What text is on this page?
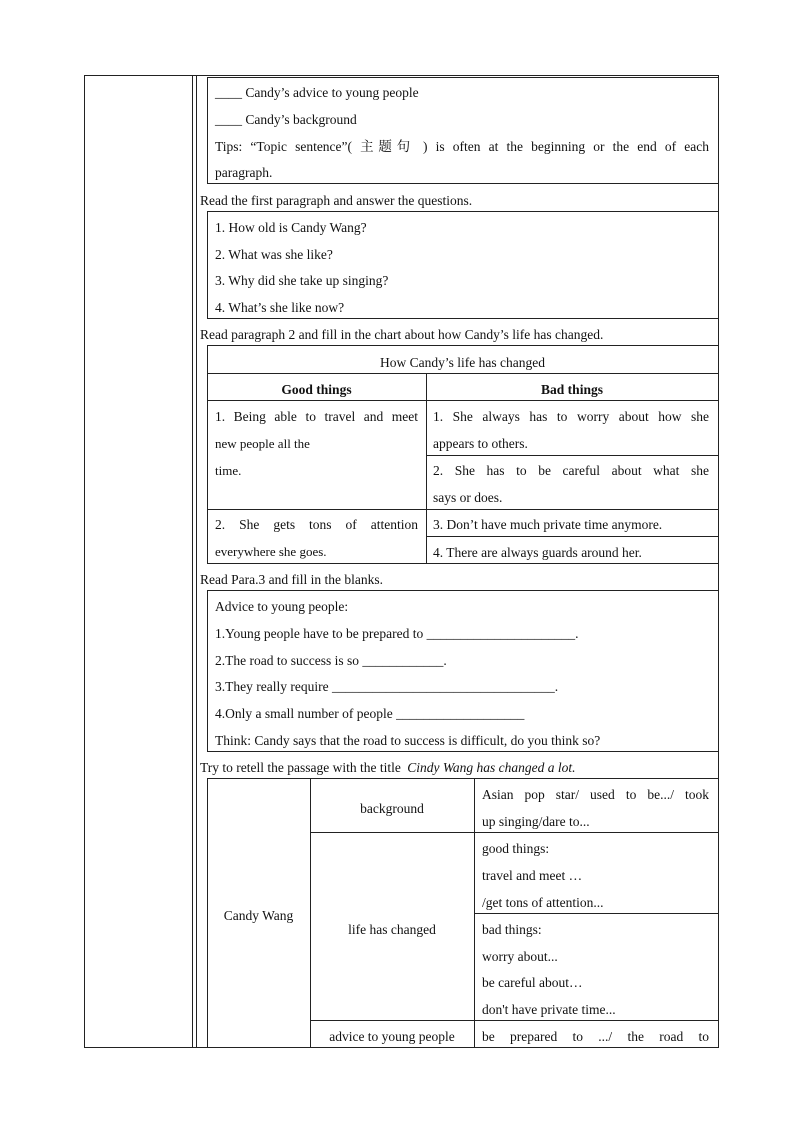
____ Candy’s advice to young people
____ Candy’s background
Tips: “Topic sentence”( 主题句 ) is often at the beginning or the end of each
paragraph.
Read the first paragraph and answer the questions.
1. How old is Candy Wang?
2. What was she like?
3. Why did she take up singing?
4. What’s she like now?
Read paragraph 2 and fill in the chart about how Candy’s life has changed.
How Candy’s life has changed
Good things	Bad things
1. Being able to travel and meet
new people all the
time.
2. She gets tons of attention
everywhere she goes.
1. She always has to worry about how she
appears to others.
2. She has to be careful about what she
says or does.
3. Don’t have much private time anymore.
4. There are always guards around her.
Read Para.3 and fill in the blanks.
Advice to young people:
1.Young people have to be prepared to ______________________.
2.The road to success is so ____________.
3.They really require _________________________________.
4.Only a small number of people ___________________
Think: Candy says that the road to success is difficult, do you think so?
Try to retell the passage with the title Cindy Wang has changed a lot.
Candy Wang
background
Asian pop star/ used to be.../ took
up singing/dare to...
life has changed
good things:
travel and meet …
/get tons of attention...
bad things:
worry about...
be careful about…
don't have private time...
advice to young people	be prepared to .../ the road to
